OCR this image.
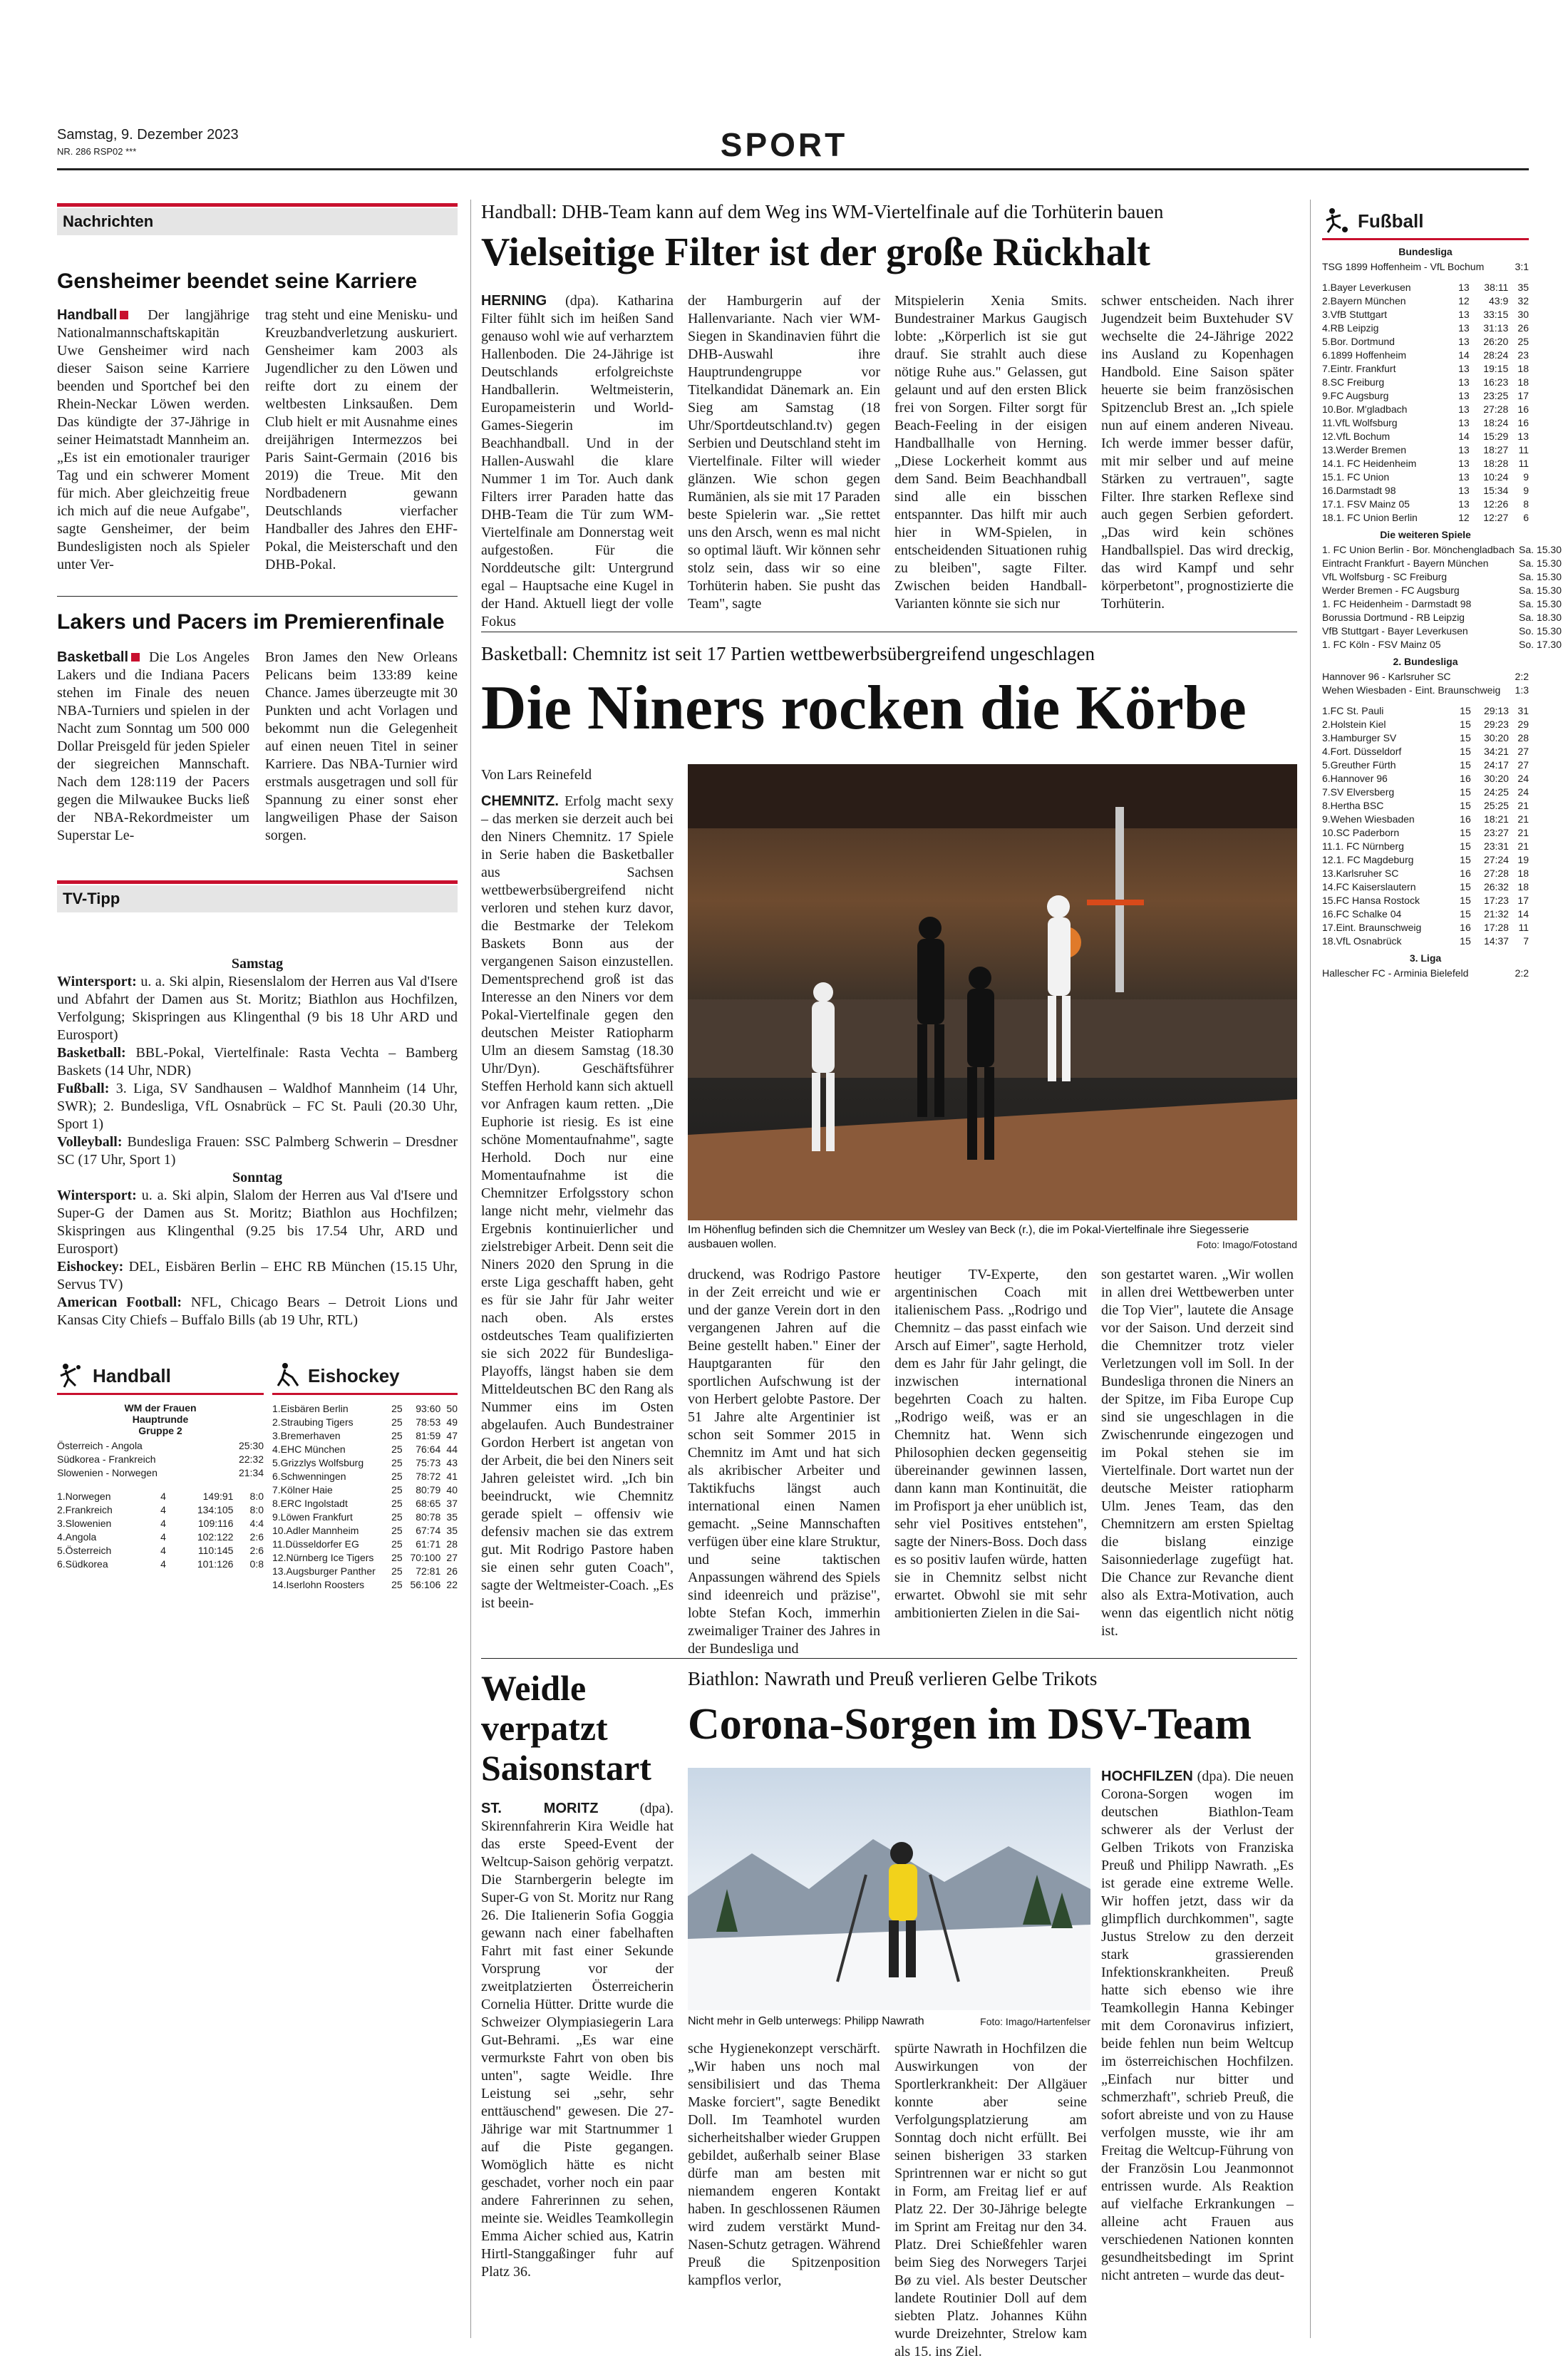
Samstag, 9. Dezember 2023
NR. 286 RSP02 ***	SPORT
Nachrichten
Gensheimer beendet seine Karriere
Handball Der langjährige Nationalmannschaftskapitän Uwe Gensheimer wird nach dieser Saison seine Karriere beenden und Sportchef bei den Rhein-Neckar Löwen werden. Das kündigte der 37-Jährige in seiner Heimatstadt Mannheim an. „Es ist ein emotionaler trauriger Tag und ein schwerer Moment für mich. Aber gleichzeitig freue ich mich auf die neue Aufgabe", sagte Gensheimer, der beim Bundesligisten noch als Spieler unter Ver-
trag steht und eine Menisku- und Kreuzbandverletzung auskuriert. Gensheimer kam 2003 als Jugendlicher zu den Löwen und reifte dort zu einem der weltbesten Linksaußen. Dem Club hielt er mit Ausnahme eines dreijährigen Intermezzos bei Paris Saint-Germain (2016 bis 2019) die Treue. Mit den Nordbadenern gewann Deutschlands vierfacher Handballer des Jahres den EHF-Pokal, die Meisterschaft und den DHB-Pokal.
Lakers und Pacers im Premierenfinale
Basketball Die Los Angeles Lakers und die Indiana Pacers stehen im Finale des neuen NBA-Turniers und spielen in der Nacht zum Sonntag um 500 000 Dollar Preisgeld für jeden Spieler der siegreichen Mannschaft. Nach dem 128:119 der Pacers gegen die Milwaukee Bucks ließ der NBA-Rekordmeister um Superstar Le-
Bron James den New Orleans Pelicans beim 133:89 keine Chance. James überzeugte mit 30 Punkten und acht Vorlagen und bekommt nun die Gelegenheit auf einen neuen Titel in seiner Karriere. Das NBA-Turnier wird erstmals ausgetragen und soll für Spannung zu einer sonst eher langweiligen Phase der Saison sorgen.
TV-Tipp

Samstag

Wintersport: u. a. Ski alpin, Riesenslalom der Herren aus Val d'Isere und Abfahrt der Damen aus St. Moritz; Biathlon aus Hochfilzen, Verfolgung; Skispringen aus Klingenthal (9 bis 18 Uhr ARD und Eurosport)

Basketball: BBL-Pokal, Viertelfinale: Rasta Vechta – Bamberg Baskets (14 Uhr, NDR)

Fußball: 3. Liga, SV Sandhausen – Waldhof Mannheim (14 Uhr, SWR); 2. Bundesliga, VfL Osnabrück – FC St. Pauli (20.30 Uhr, Sport 1)

Volleyball: Bundesliga Frauen: SSC Palmberg Schwerin – Dresdner SC (17 Uhr, Sport 1)

Sonntag

Wintersport: u. a. Ski alpin, Slalom der Herren aus Val d'Isere und Super-G der Damen aus St. Moritz; Biathlon aus Hochfilzen; Skispringen aus Klingenthal (9.25 bis 17.54 Uhr, ARD und Eurosport)

Eishockey: DEL, Eisbären Berlin – EHC RB München (15.15 Uhr, Servus TV)

American Football: NFL, Chicago Bears – Detroit Lions und Kansas City Chiefs – Buffalo Bills (ab 19 Uhr, RTL)

Handball
WM der Frauen
Hauptrunde
Gruppe 2
Österreich - Angola	25:30
Südkorea - Frankreich	22:32
Slowenien - Norwegen	21:34
1.Norwegen	4	149:91	8:0
2.Frankreich	4	134:105	8:0
3.Slowenien	4	109:116	4:4
4.Angola	4	102:122	2:6
5.Österreich	4	110:145	2:6
6.Südkorea	4	101:126	0:8
Eishockey
1.Eisbären Berlin	25	93:60	50
2.Straubing Tigers	25	78:53	49
3.Bremerhaven	25	81:59	47
4.EHC München	25	76:64	44
5.Grizzlys Wolfsburg	25	75:73	43
6.Schwenningen	25	78:72	41
7.Kölner Haie	25	80:79	40
8.ERC Ingolstadt	25	68:65	37
9.Löwen Frankfurt	25	80:78	35
10.Adler Mannheim	25	67:74	35
11.Düsseldorfer EG	25	61:71	28
12.Nürnberg Ice Tigers	25	70:100	27
13.Augsburger Panther	25	72:81	26
14.Iserlohn Roosters	25	56:106	22
Handball: DHB-Team kann auf dem Weg ins WM-Viertelfinale auf die Torhüterin bauen
Vielseitige Filter ist der große Rückhalt
HERNING (dpa). Katharina Filter fühlt sich im heißen Sand genauso wohl wie auf verharztem Hallenboden. Die 24-Jährige ist Deutschlands erfolgreichste Handballerin. Weltmeisterin, Europameisterin und World-Games-Siegerin im Beachhandball. Und in der Hallen-Auswahl die klare Nummer 1 im Tor. Auch dank Filters irrer Paraden hatte das DHB-Team die Tür zum WM-Viertelfinale am Donnerstag weit aufgestoßen. Für die Norddeutsche gilt: Untergrund egal – Hauptsache eine Kugel in der Hand. Aktuell liegt der volle Fokus
der Hamburgerin auf der Hallenvariante. Nach vier WM-Siegen in Skandinavien führt die DHB-Auswahl ihre Hauptrundengruppe vor Titelkandidat Dänemark an. Ein Sieg am Samstag (18 Uhr/Sportdeutschland.tv) gegen Serbien und Deutschland steht im Viertelfinale. Filter will wieder glänzen. Wie schon gegen Rumänien, als sie mit 17 Paraden beste Spielerin war. „Sie rettet uns den Arsch, wenn es mal nicht so optimal läuft. Wir können sehr stolz sein, dass wir so eine Torhüterin haben. Sie pusht das Team", sagte
Mitspielerin Xenia Smits. Bundestrainer Markus Gaugisch lobte: „Körperlich ist sie gut drauf. Sie strahlt auch diese nötige Ruhe aus." Gelassen, gut gelaunt und auf den ersten Blick frei von Sorgen. Filter sorgt für Beach-Feeling in der eisigen Handballhalle von Herning. „Diese Lockerheit kommt aus dem Sand. Beim Beachhandball sind alle ein bisschen entspannter. Das hilft mir auch hier in WM-Spielen, in entscheidenden Situationen ruhig zu bleiben", sagte Filter. Zwischen beiden Handball-Varianten könnte sie sich nur
schwer entscheiden. Nach ihrer Jugendzeit beim Buxtehuder SV wechselte die 24-Jährige 2022 ins Ausland zu Kopenhagen Handbold. Eine Saison später heuerte sie beim französischen Spitzenclub Brest an. „Ich spiele nun auf einem anderen Niveau. Ich werde immer besser dafür, mit mir selber und auf meine Stärken zu vertrauen", sagte Filter. Ihre starken Reflexe sind auch gegen Serbien gefordert. „Das wird kein schönes Handballspiel. Das wird dreckig, das wird Kampf und sehr körperbetont", prognostizierte die Torhüterin.
Basketball: Chemnitz ist seit 17 Partien wettbewerbsübergreifend ungeschlagen
Die Niners rocken die Körbe
Von Lars Reinefeld
CHEMNITZ. Erfolg macht sexy – das merken sie derzeit auch bei den Niners Chemnitz. 17 Spiele in Serie haben die Basketballer aus Sachsen wettbewerbsübergreifend nicht verloren und stehen kurz davor, die Bestmarke der Telekom Baskets Bonn aus der vergangenen Saison einzustellen. Dementsprechend groß ist das Interesse an den Niners vor dem Pokal-Viertelfinale gegen den deutschen Meister Ratiopharm Ulm an diesem Samstag (18.30 Uhr/Dyn). Geschäftsführer Steffen Herhold kann sich aktuell vor Anfragen kaum retten. „Die Euphorie ist riesig. Es ist eine schöne Momentaufnahme", sagte Herhold. Doch nur eine Momentaufnahme ist die Chemnitzer Erfolgsstory schon lange nicht mehr, vielmehr das Ergebnis kontinuierlicher und zielstrebiger Arbeit. Denn seit die Niners 2020 den Sprung in die erste Liga geschafft haben, geht es für sie Jahr für Jahr weiter nach oben. Als erstes ostdeutsches Team qualifizierten sie sich 2022 für Bundesliga-Playoffs, längst haben sie dem Mitteldeutschen BC den Rang als Nummer eins im Osten abgelaufen. Auch Bundestrainer Gordon Herbert ist angetan von der Arbeit, die bei den Niners seit Jahren geleistet wird. „Ich bin beeindruckt, wie Chemnitz gerade spielt – offensiv wie defensiv machen sie das extrem gut. Mit Rodrigo Pastore haben sie einen sehr guten Coach", sagte der Weltmeister-Coach. „Es ist beein-
Im Höhenflug befinden sich die Chemnitzer um Wesley van Beck (r.), die im Pokal-Viertelfinale ihre Siegesserie ausbauen wollen.	Foto: Imago/Fotostand
druckend, was Rodrigo Pastore in der Zeit erreicht und wie er und der ganze Verein dort in den vergangenen Jahren auf die Beine gestellt haben." Einer der Hauptgaranten für den sportlichen Aufschwung ist der von Herbert gelobte Pastore. Der 51 Jahre alte Argentinier ist schon seit Sommer 2015 in Chemnitz im Amt und hat sich als akribischer Arbeiter und Taktikfuchs längst auch international einen Namen gemacht. „Seine Mannschaften verfügen über eine klare Struktur, und seine taktischen Anpassungen während des Spiels sind ideenreich und präzise", lobte Stefan Koch, immerhin zweimaliger Trainer des Jahres in der Bundesliga und
heutiger TV-Experte, den argentinischen Coach mit italienischem Pass. „Rodrigo und Chemnitz – das passt einfach wie Arsch auf Eimer", sagte Herhold, dem es Jahr für Jahr gelingt, die inzwischen international begehrten Coach zu halten. „Rodrigo weiß, was er an Chemnitz hat. Wenn sich Philosophien decken gegenseitig übereinander gewinnen lassen, dann kann man Kontinuität, die im Profisport ja eher unüblich ist, sehr viel Positives entstehen", sagte der Niners-Boss. Doch dass es so positiv laufen würde, hatten sie in Chemnitz selbst nicht erwartet. Obwohl sie mit sehr ambitionierten Zielen in die Sai-
son gestartet waren. „Wir wollen in allen drei Wettbewerben unter die Top Vier", lautete die Ansage vor der Saison. Und derzeit sind die Chemnitzer trotz vieler Verletzungen voll im Soll. In der Bundesliga thronen die Niners an der Spitze, im Fiba Europe Cup sind sie ungeschlagen in die Zwischenrunde eingezogen und im Pokal stehen sie im Viertelfinale. Dort wartet nun der deutsche Meister ratiopharm Ulm. Jenes Team, das den Chemnitzern am ersten Spieltag die bislang einzige Saisonniederlage zugefügt hat. Die Chance zur Revanche dient also als Extra-Motivation, auch wenn das eigentlich nicht nötig ist.
Weidle verpatzt Saisonstart
ST. MORITZ	(dpa). Skirennfahrerin Kira Weidle hat das erste Speed-Event der Weltcup-Saison gehörig verpatzt. Die Starnbergerin belegte im Super-G von St. Moritz nur Rang 26. Die Italienerin Sofia Goggia gewann nach einer fabelhaften Fahrt mit fast einer Sekunde Vorsprung vor der zweitplatzierten Österreicherin Cornelia Hütter. Dritte wurde die Schweizer Olympiasiegerin Lara Gut-Behrami. „Es war eine vermurkste Fahrt von oben bis unten", sagte Weidle. Ihre Leistung sei „sehr, sehr enttäuschend" gewesen. Die 27-Jährige war mit Startnummer 1 auf die Piste gegangen. Womöglich hätte es nicht geschadet, vorher noch ein paar andere Fahrerinnen zu sehen, meinte sie. Weidles Teamkollegin Emma Aicher schied aus, Katrin Hirtl-Stanggaßinger fuhr auf Platz 36.
Biathlon: Nawrath und Preuß verlieren Gelbe Trikots
Corona-Sorgen im DSV-Team
Nicht mehr in Gelb unterwegs: Philipp Nawrath	Foto: Imago/Hartenfelser
HOCHFILZEN (dpa). Die neuen Corona-Sorgen wogen im deutschen Biathlon-Team schwerer als der Verlust der Gelben Trikots von Franziska Preuß und Philipp Nawrath. „Es ist gerade eine extreme Welle. Wir hoffen jetzt, dass wir da glimpflich durchkommen", sagte Justus Strelow zu den derzeit stark grassierenden Infektionskrankheiten. Preuß hatte sich ebenso wie ihre Teamkollegin Hanna Kebinger mit dem Coronavirus infiziert, beide fehlen nun beim Weltcup im österreichischen Hochfilzen. „Einfach nur bitter und schmerzhaft", schrieb Preuß, die sofort abreiste und von zu Hause verfolgen musste, wie ihr am Freitag die Weltcup-Führung von der Französin Lou Jeanmonnot entrissen wurde. Als Reaktion auf vielfache Erkrankungen – alleine acht Frauen aus verschiedenen Nationen konnten gesundheitsbedingt im Sprint nicht antreten – wurde das deut-
sche Hygienekonzept verschärft. „Wir haben uns noch mal sensibilisiert und das Thema Maske forciert", sagte Benedikt Doll. Im Teamhotel wurden sicherheitshalber wieder Gruppen gebildet, außerhalb seiner Blase dürfe man am besten mit niemandem engeren Kontakt haben. In geschlossenen Räumen wird zudem verstärkt Mund-Nasen-Schutz getragen. Während Preuß die Spitzenposition kampflos verlor,
spürte Nawrath in Hochfilzen die Auswirkungen von der Sportlerkrankheit: Der Allgäuer konnte aber seine Verfolgungsplatzierung am Sonntag doch nicht erfüllt. Bei seinen bisherigen 33 starken Sprintrennen war er nicht so gut in Form, am Freitag lief er auf Platz 22. Der 30-Jährige belegte im Sprint am Freitag nur den 34. Platz. Drei Schießfehler waren beim Sieg des Norwegers Tarjei Bø zu viel. Als bester Deutscher landete Routinier Doll auf dem siebten Platz. Johannes Kühn wurde Dreizehnter, Strelow kam als 15. ins Ziel.
Fußball
Bundesliga
TSG 1899 Hoffenheim - VfL Bochum	3:1
1.Bayer Leverkusen	13	38:11	35
2.Bayern München	12	43:9	32
3.VfB Stuttgart	13	33:15	30
4.RB Leipzig	13	31:13	26
5.Bor. Dortmund	13	26:20	25
6.1899 Hoffenheim	14	28:24	23
7.Eintr. Frankfurt	13	19:15	18
8.SC Freiburg	13	16:23	18
9.FC Augsburg	13	23:25	17
10.Bor. M'gladbach	13	27:28	16
11.VfL Wolfsburg	13	18:24	16
12.VfL Bochum	14	15:29	13
13.Werder Bremen	13	18:27	11
14.1. FC Heidenheim	13	18:28	11
15.1. FC Union	13	10:24	9
16.Darmstadt 98	13	15:34	9
17.1. FSV Mainz 05	13	12:26	8
18.1. FC Union Berlin	12	12:27	6
Die weiteren Spiele
1. FC Union Berlin - Bor. Mönchengladbach	Sa. 15.30
Eintracht Frankfurt - Bayern München	Sa. 15.30
VfL Wolfsburg - SC Freiburg	Sa. 15.30
Werder Bremen - FC Augsburg	Sa. 15.30
1. FC Heidenheim - Darmstadt 98	Sa. 15.30
Borussia Dortmund - RB Leipzig	Sa. 18.30
VfB Stuttgart - Bayer Leverkusen	So. 15.30
1. FC Köln - FSV Mainz 05	So. 17.30
2. Bundesliga
Hannover 96 - Karlsruher SC	2:2
Wehen Wiesbaden - Eint. Braunschweig	1:3
1.FC St. Pauli	15	29:13	31
2.Holstein Kiel	15	29:23	29
3.Hamburger SV	15	30:20	28
4.Fort. Düsseldorf	15	34:21	27
5.Greuther Fürth	15	24:17	27
6.Hannover 96	16	30:20	24
7.SV Elversberg	15	24:25	24
8.Hertha BSC	15	25:25	21
9.Wehen Wiesbaden	16	18:21	21
10.SC Paderborn	15	23:27	21
11.1. FC Nürnberg	15	23:31	21
12.1. FC Magdeburg	15	27:24	19
13.Karlsruher SC	16	27:28	18
14.FC Kaiserslautern	15	26:32	18
15.FC Hansa Rostock	15	17:23	17
16.FC Schalke 04	15	21:32	14
17.Eint. Braunschweig	16	17:28	11
18.VfL Osnabrück	15	14:37	7
3. Liga
Hallescher FC - Arminia Bielefeld	2:2
